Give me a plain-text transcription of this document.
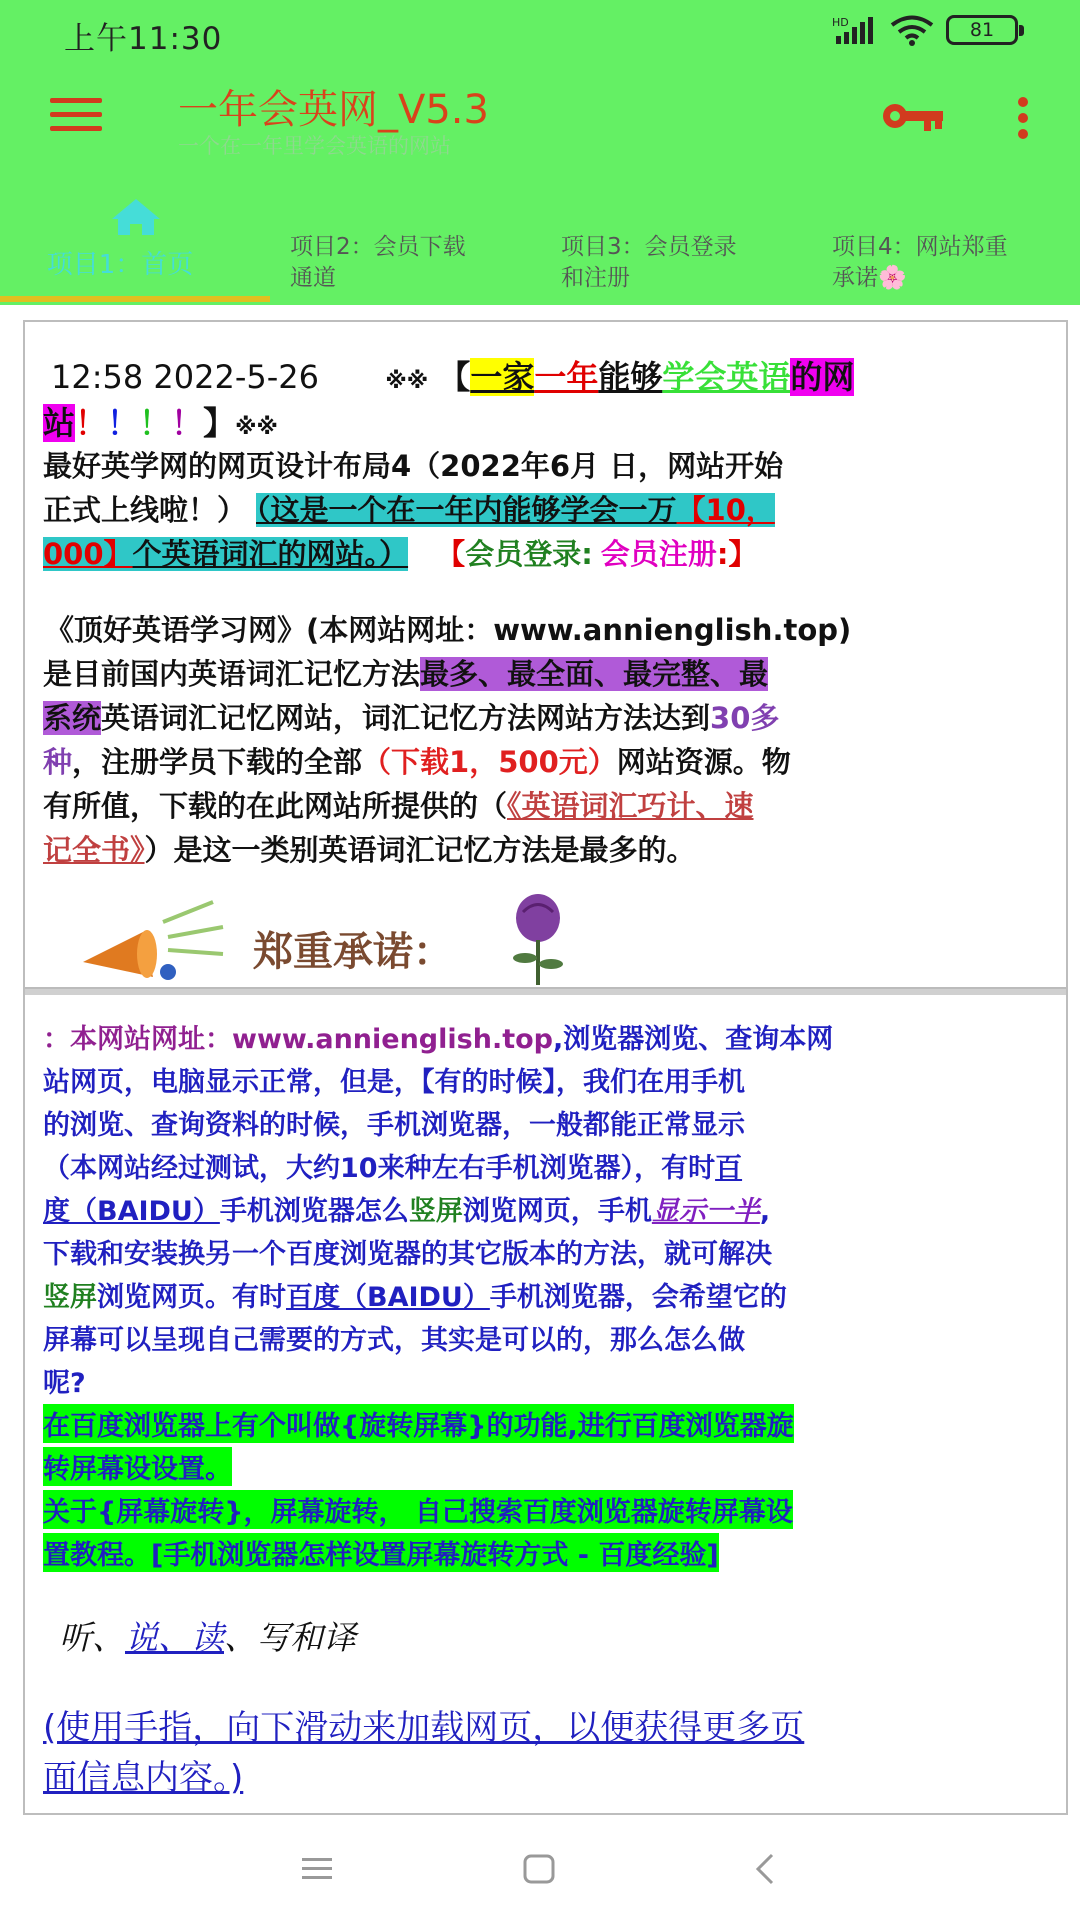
上午11:30	HD	81
一年会英网_V5.3
一个在一年里学会英语的网站
项目1：首页
项目2：会员下载
通道
项目3：会员登录
和注册
项目4：网站郑重
承诺🌸
12:58 2022-5-26	※※ 【一家一年能够学会英语的网
站！！！！】※※
最好英学网的网页设计布局4（2022年6月 日，网站开始
正式上线啦！） （这是一个在一年内能够学会一万【10，
000】个英语词汇的网站。） 【会员登录: 会员注册:】
《顶好英语学习网》(本网站网址：www.annienglish.top)
是目前国内英语词汇记忆方法最多、最全面、最完整、最
系统英语词汇记忆网站，词汇记忆方法网站方法达到30多
种，注册学员下载的全部（下载1，500元）网站资源。物
有所值，下载的在此网站所提供的（《英语词汇巧计、速
记全书》）是这一类别英语词汇记忆方法是最多的。
郑重承诺：
：本网站网址：www.annienglish.top,浏览器浏览、查询本网
站网页，电脑显示正常，但是，【有的时候】，我们在用手机
的浏览、查询资料的时候，手机浏览器，一般都能正常显示
（本网站经过测试，大约10来种左右手机浏览器），有时百
度（BAIDU）手机浏览器怎么竖屏浏览网页，手机显示一半,
下载和安装换另一个百度浏览器的其它版本的方法，就可解决
竖屏浏览网页。有时百度（BAIDU）手机浏览器，会希望它的
屏幕可以呈现自己需要的方式，其实是可以的，那么怎么做
呢?
在百度浏览器上有个叫做{旋转屏幕}的功能,进行百度浏览器旋
转屏幕设设置。
关于{屏幕旋转}，屏幕旋转， 自己搜索百度浏览器旋转屏幕设
置教程。[手机浏览器怎样设置屏幕旋转方式 - 百度经验]
听、说、读、写和译
(使用手指，向下滑动来加载网页，以便获得更多页
面信息内容。)
